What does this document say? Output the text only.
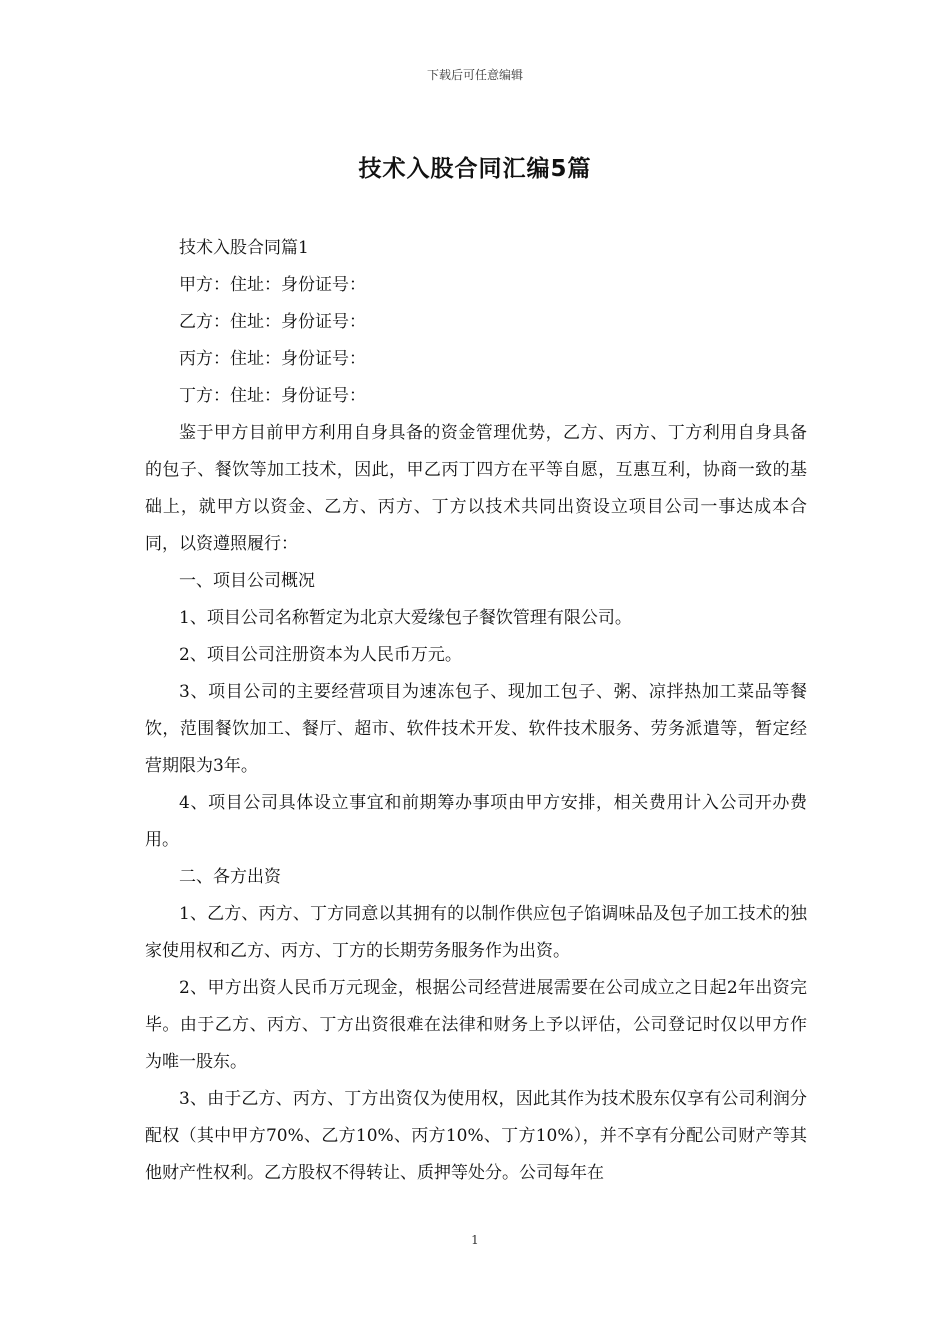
下载后可任意编辑
技术入股合同汇编5篇

技术入股合同篇1

甲方：住址：身份证号：

乙方：住址：身份证号：

丙方：住址：身份证号：

丁方：住址：身份证号：

鉴于甲方目前甲方利用自身具备的资金管理优势，乙方、丙方、丁方利用自身具备的包子、餐饮等加工技术，因此，甲乙丙丁四方在平等自愿，互惠互利，协商一致的基础上，就甲方以资金、乙方、丙方、丁方以技术共同出资设立项目公司一事达成本合同，以资遵照履行：

一、项目公司概况

1、项目公司名称暂定为北京大爱缘包子餐饮管理有限公司。

2、项目公司注册资本为人民币万元。

3、项目公司的主要经营项目为速冻包子、现加工包子、粥、凉拌热加工菜品等餐饮，范围餐饮加工、餐厅、超市、软件技术开发、软件技术服务、劳务派遣等，暂定经营期限为3年。

4、项目公司具体设立事宜和前期筹办事项由甲方安排，相关费用计入公司开办费用。

二、各方出资

1、乙方、丙方、丁方同意以其拥有的以制作供应包子馅调味品及包子加工技术的独家使用权和乙方、丙方、丁方的长期劳务服务作为出资。

2、甲方出资人民币万元现金，根据公司经营进展需要在公司成立之日起2年出资完毕。由于乙方、丙方、丁方出资很难在法律和财务上予以评估，公司登记时仅以甲方作为唯一股东。

3、由于乙方、丙方、丁方出资仅为使用权，因此其作为技术股东仅享有公司利润分配权（其中甲方70%、乙方10%、丙方10%、丁方10%），并不享有分配公司财产等其他财产性权利。乙方股权不得转让、质押等处分。公司每年在

1
